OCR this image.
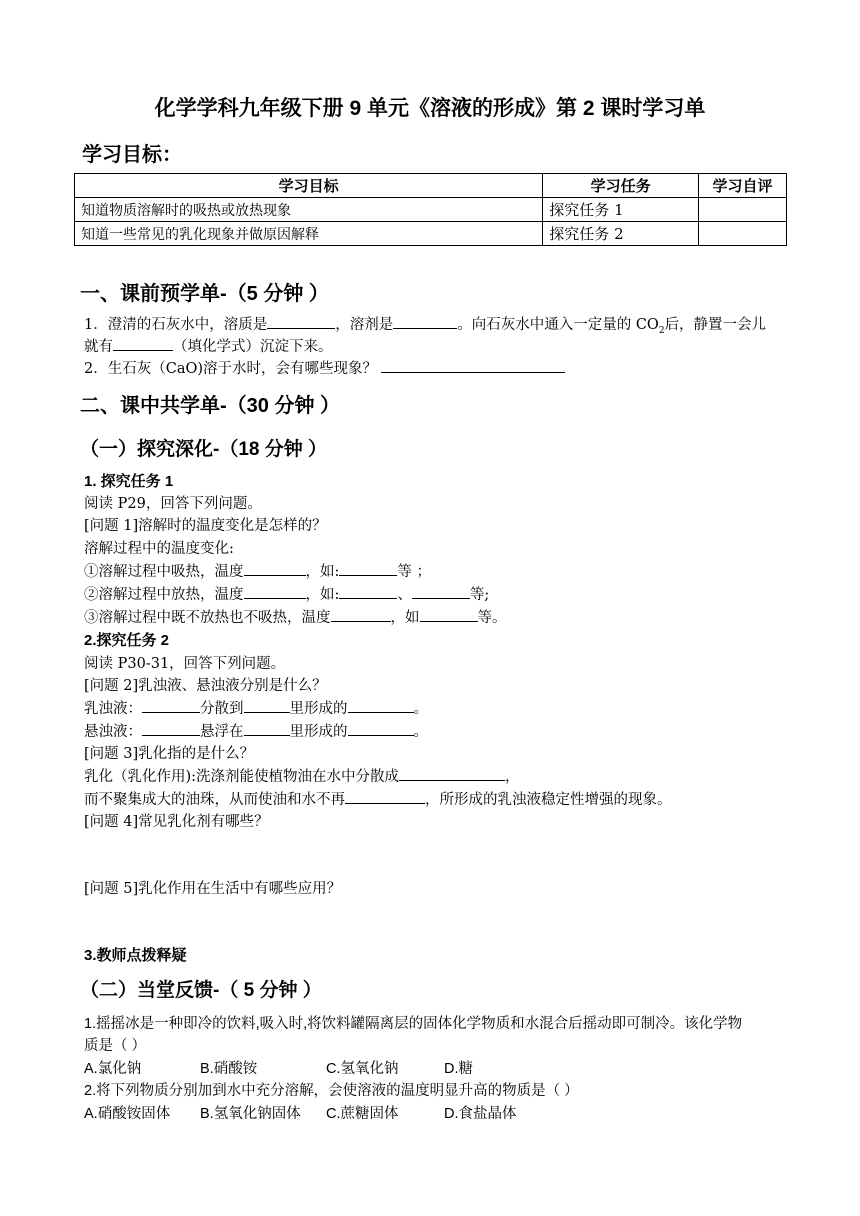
化学学科九年级下册 9 单元《溶液的形成》第 2 课时学习单
学习目标：
学习目标	学习任务	学习自评
知道物质溶解时的吸热或放热现象	探究任务 1	
知道一些常见的乳化现象并做原因解释	探究任务 2	
一、课前预学单-（5 分钟 ）
1．澄清的石灰水中，溶质是	，溶剂是	。向石灰水中通入一定量的 $CO_2$后，静置一会儿
就有	（填化学式）沉淀下来。
2．生石灰（CaO)溶于水时，会有哪些现象？
二、课中共学单-（30 分钟 ）
（一）探究深化-（18 分钟 ）
1. 探究任务 1
阅读 P29，回答下列问题。
[问题 1]溶解时的温度变化是怎样的？
溶解过程中的温度变化:
①溶解过程中吸热，温度	，如:	等 ；
②溶解过程中放热，温度	，如:	、	等;
③溶解过程中既不放热也不吸热，温度	，如	等。
2.探究任务 2
阅读 P30-31，回答下列问题。
[问题 2]乳浊液、悬浊液分别是什么？
乳浊液：	分散到	里形成的	。
悬浊液：	悬浮在	里形成的	。
[问题 3]乳化指的是什么？
乳化（乳化作用):洗涤剂能使植物油在水中分散成	，
而不聚集成大的油珠，从而使油和水不再	，所形成的乳浊液稳定性增强的现象。
[问题 4]常见乳化剂有哪些？
[问题 5]乳化作用在生活中有哪些应用？
3.教师点拨释疑
（二）当堂反馈-（ 5 分钟 ）
1.摇摇冰是一种即冷的饮料,吸入时,将饮料罐隔离层的固体化学物质和水混合后摇动即可制冷。该化学物
质是（ ）
A.氯化钠	B.硝酸铵	C.氢氧化钠	D.糖
2.将下列物质分别加到水中充分溶解，会使溶液的温度明显升高的物质是（ ）
A.硝酸铵固体 B.氢氧化钠固体 C.蔗糖固体	D.食盐晶体
